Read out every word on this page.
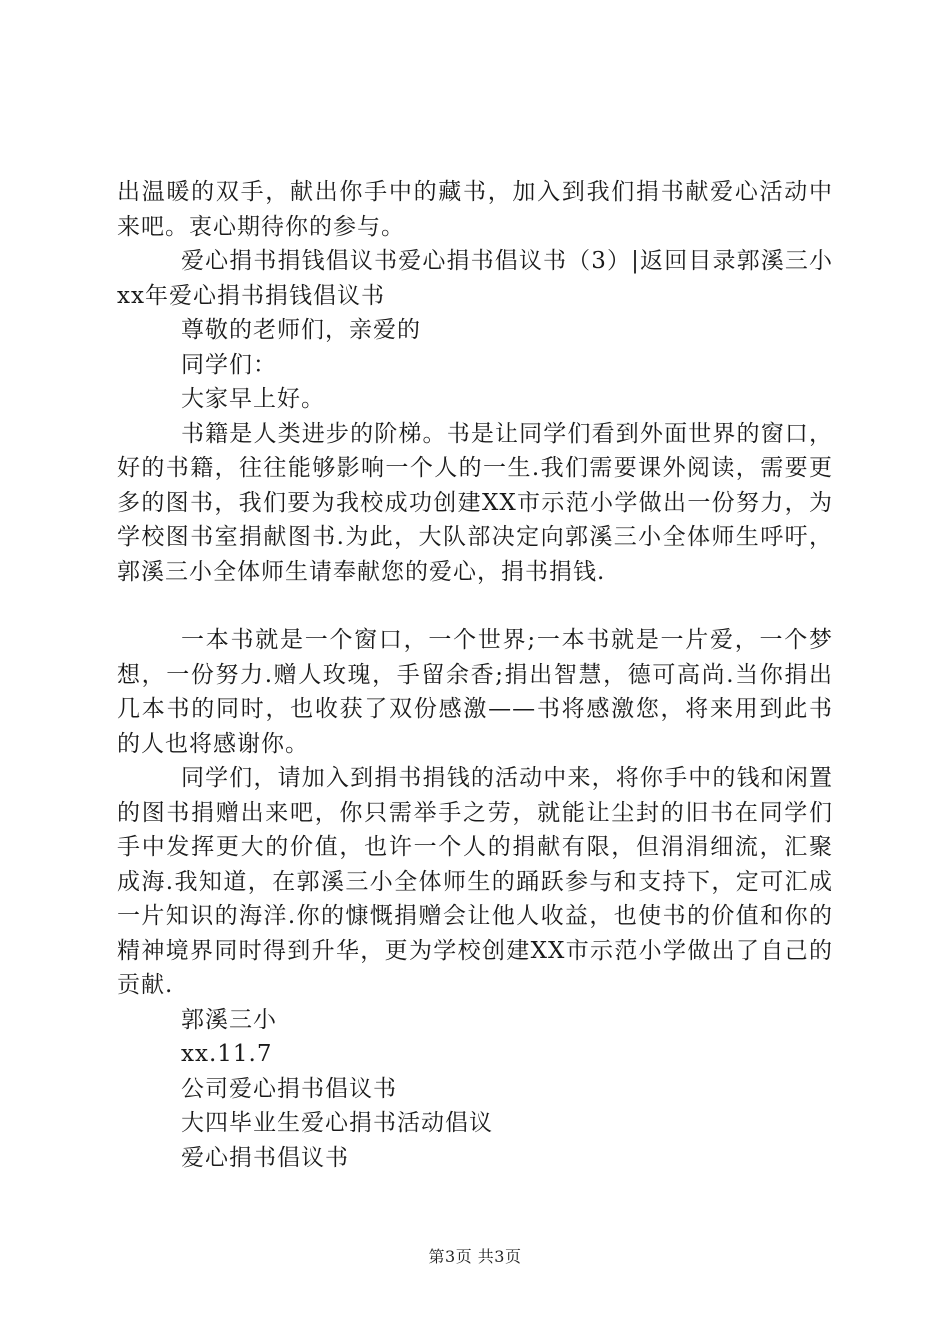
出温暖的双手，献出你手中的藏书，加入到我们捐书献爱心活动中来吧。衷心期待你的参与。

爱心捐书捐钱倡议书爱心捐书倡议书（3）|返回目录郭溪三小xx年爱心捐书捐钱倡议书

尊敬的老师们，亲爱的

同学们：

大家早上好。

书籍是人类进步的阶梯。书是让同学们看到外面世界的窗口，好的书籍，往往能够影响一个人的一生.我们需要课外阅读，需要更多的图书，我们要为我校成功创建XX市示范小学做出一份努力，为学校图书室捐献图书.为此，大队部决定向郭溪三小全体师生呼吁，郭溪三小全体师生请奉献您的爱心，捐书捐钱.

一本书就是一个窗口，一个世界;一本书就是一片爱，一个梦想，一份努力.赠人玫瑰，手留余香;捐出智慧，德可高尚.当你捐出几本书的同时，也收获了双份感激——书将感激您，将来用到此书的人也将感谢你。

同学们，请加入到捐书捐钱的活动中来，将你手中的钱和闲置的图书捐赠出来吧，你只需举手之劳，就能让尘封的旧书在同学们手中发挥更大的价值，也许一个人的捐献有限，但涓涓细流，汇聚成海.我知道，在郭溪三小全体师生的踊跃参与和支持下，定可汇成一片知识的海洋.你的慷慨捐赠会让他人收益，也使书的价值和你的精神境界同时得到升华，更为学校创建XX市示范小学做出了自己的贡献.

郭溪三小

xx.11.7

公司爱心捐书倡议书

大四毕业生爱心捐书活动倡议

爱心捐书倡议书

第3页 共3页
